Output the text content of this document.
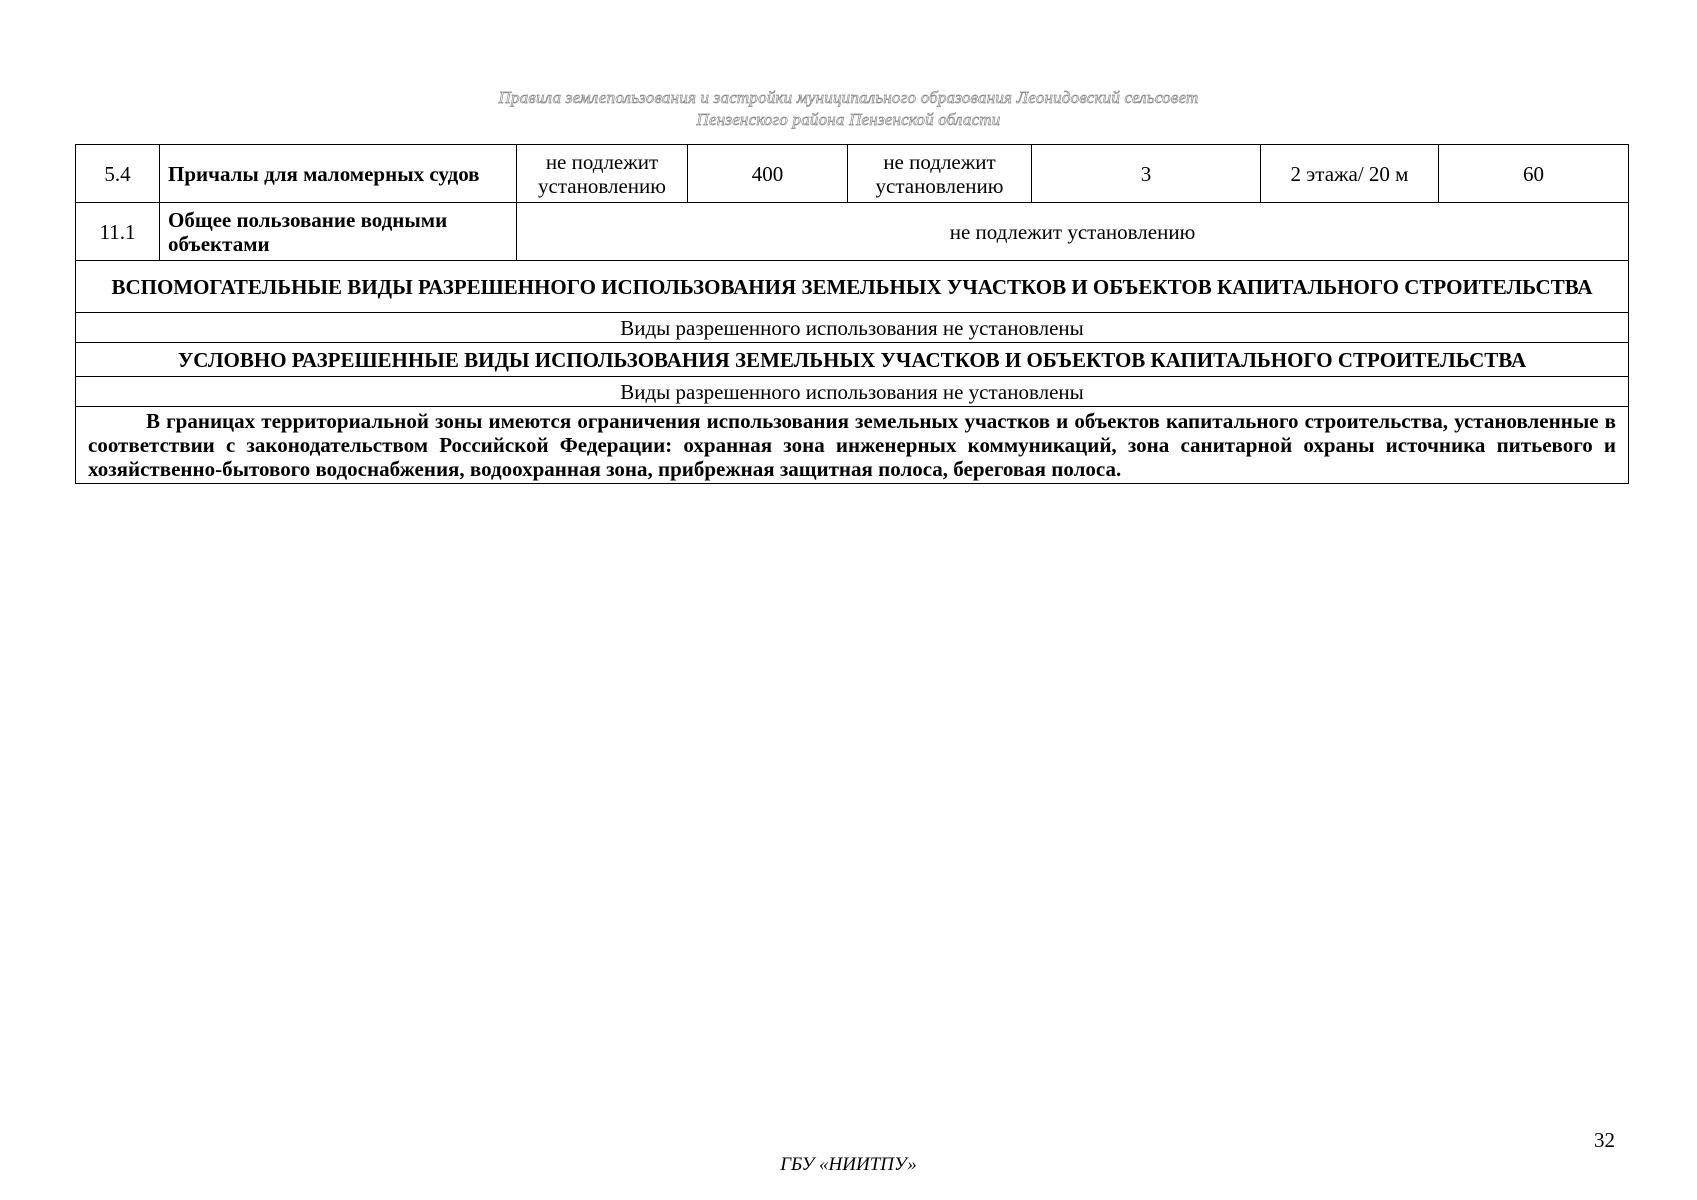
Правила землепользования и застройки муниципального образования Леонидовский сельсовет
Пензенского района Пензенской области
5.4	Причалы для маломерных судов	не подлежит установлению	400	не подлежит установлению	3	2 этажа/ 20 м	60
11.1	Общее пользование водными объектами	не подлежит установлению					
ВСПОМОГАТЕЛЬНЫЕ ВИДЫ РАЗРЕШЕННОГО ИСПОЛЬЗОВАНИЯ ЗЕМЕЛЬНЫХ УЧАСТКОВ И ОБЪЕКТОВ КАПИТАЛЬНОГО СТРОИТЕЛЬСТВА							
Виды разрешенного использования не установлены							
УСЛОВНО РАЗРЕШЕННЫЕ ВИДЫ ИСПОЛЬЗОВАНИЯ ЗЕМЕЛЬНЫХ УЧАСТКОВ И ОБЪЕКТОВ КАПИТАЛЬНОГО СТРОИТЕЛЬСТВА							
Виды разрешенного использования не установлены							
В границах территориальной зоны имеются ограничения использования земельных участков и объектов капитального строительства, установленные в соответствии с законодательством Российской Федерации: охранная зона инженерных коммуникаций, зона санитарной охраны источника питьевого и хозяйственно-бытового водоснабжения, водоохранная зона, прибрежная защитная полоса, береговая полоса.							
32
ГБУ «НИИТПУ»
